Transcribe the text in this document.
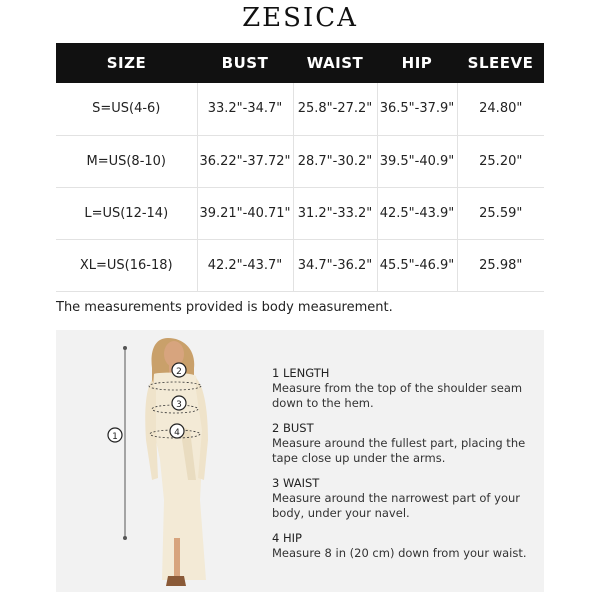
ZESICA
SIZE	BUST	WAIST	HIP	SLEEVE
S=US(4-6)	33.2"-34.7"	25.8"-27.2"	36.5"-37.9"	24.80"
M=US(8-10)	36.22"-37.72"	28.7"-30.2"	39.5"-40.9"	25.20"
L=US(12-14)	39.21"-40.71"	31.2"-33.2"	42.5"-43.9"	25.59"
XL=US(16-18)	42.2"-43.7"	34.7"-36.2"	45.5"-46.9"	25.98"
The measurements provided is body measurement.
1
2
3
4
1 LENGTH
Measure from the top of the shoulder seam down to the hem.
2 BUST
Measure around the fullest part, placing the tape close up under the arms.
3 WAIST
Measure around the narrowest part of your body, under your navel.
4 HIP
Measure 8 in (20 cm) down from your waist.
